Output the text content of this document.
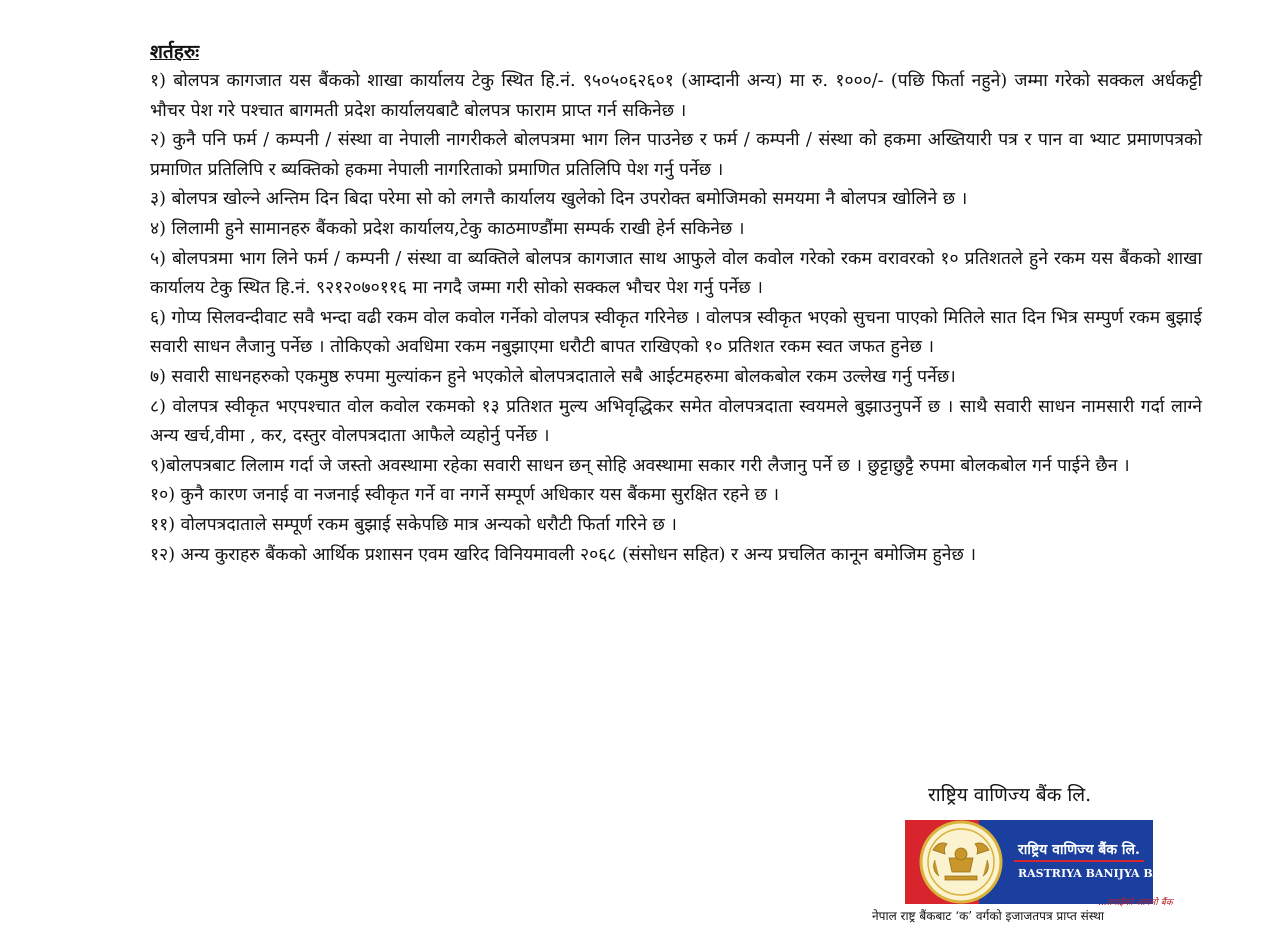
शर्तहरुः

१) बोलपत्र कागजात यस बैंकको शाखा कार्यालय टेकु स्थित हि.नं. ९५०५०६२६०१ (आम्दानी अन्य) मा रु. १०००/- (पछि फिर्ता नहुने) जम्मा गरेको सक्कल अर्धकट्टी भौचर पेश गरे पश्चात बागमती प्रदेश कार्यालयबाटै बोलपत्र फाराम प्राप्त गर्न सकिनेछ ।

२) कुनै पनि फर्म / कम्पनी / संस्था वा नेपाली नागरीकले बोलपत्रमा भाग लिन पाउनेछ र फर्म / कम्पनी / संस्था को हकमा अख्तियारी पत्र र पान वा भ्याट प्रमाणपत्रको प्रमाणित प्रतिलिपि र ब्यक्तिको हकमा नेपाली नागरिताको प्रमाणित प्रतिलिपि पेश गर्नु पर्नेछ ।

३) बोलपत्र खोल्ने अन्तिम दिन बिदा परेमा सो को लगत्तै कार्यालय खुलेको दिन उपरोक्त बमोजिमको समयमा नै बोलपत्र खोलिने छ ।

४) लिलामी हुने सामानहरु बैंकको प्रदेश कार्यालय,टेकु काठमाण्डौंमा सम्पर्क राखी हेर्न सकिनेछ ।

५) बोलपत्रमा भाग लिने फर्म / कम्पनी / संस्था वा ब्यक्तिले बोलपत्र कागजात साथ आफुले वोल कवोल गरेको रकम वरावरको १० प्रतिशतले हुने रकम यस बैंकको शाखा कार्यालय टेकु स्थित हि.नं. ९२१२०७०११६ मा नगदै जम्मा गरी सोको सक्कल भौचर पेश गर्नु पर्नेछ ।

६) गोप्य सिलवन्दीवाट सवै भन्दा वढी रकम वोल कवोल गर्नेको वोलपत्र स्वीकृत गरिनेछ । वोलपत्र स्वीकृत भएको सुचना पाएको मितिले सात दिन भित्र सम्पुर्ण रकम बुझाई सवारी साधन लैजानु पर्नेछ । तोकिएको अवधिमा रकम नबुझाएमा धरौटी बापत राखिएको १० प्रतिशत रकम स्वत जफत हुनेछ ।

७) सवारी साधनहरुको एकमुष्ठ रुपमा मुल्यांकन हुने भएकोले बोलपत्रदाताले सबै आईटमहरुमा बोलकबोल रकम उल्लेख गर्नु पर्नेछ।

८) वोलपत्र स्वीकृत भएपश्चात वोल कवोल रकमको १३ प्रतिशत मुल्य अभिवृद्धिकर समेत वोलपत्रदाता स्वयमले बुझाउनुपर्ने छ । साथै सवारी साधन नामसारी गर्दा लाग्ने अन्य खर्च,वीमा , कर, दस्तुर वोलपत्रदाता आफैले व्यहोर्नु पर्नेछ ।

९)बोलपत्रबाट लिलाम गर्दा जे जस्तो अवस्थामा रहेका सवारी साधन छन् सोहि अवस्थामा सकार गरी लैजानु पर्ने छ । छुट्टाछुट्टै रुपमा बोलकबोल गर्न पाईने छैन ।

१०) कुनै कारण जनाई वा नजनाई स्वीकृत गर्ने वा नगर्ने सम्पूर्ण अधिकार यस बैंकमा सुरक्षित रहने छ ।

११) वोलपत्रदाताले सम्पूर्ण रकम बुझाई सकेपछि मात्र अन्यको धरौटी फिर्ता गरिने छ ।

१२) अन्य कुराहरु बैंकको आर्थिक प्रशासन एवम खरिद विनियमावली २०६८ (संसोधन सहित) र अन्य प्रचलित कानून बमोजिम हुनेछ ।

राष्ट्रिय वाणिज्य बैंक लि.
राष्ट्रिय वाणिज्य बैंक लि.
RASTRIYA BANIJYA BANK LTD.
...तपाईंको आफ्नो बैंक
नेपाल राष्ट्र बैंकबाट ‘क’ वर्गको इजाजतपत्र प्राप्त संस्था
